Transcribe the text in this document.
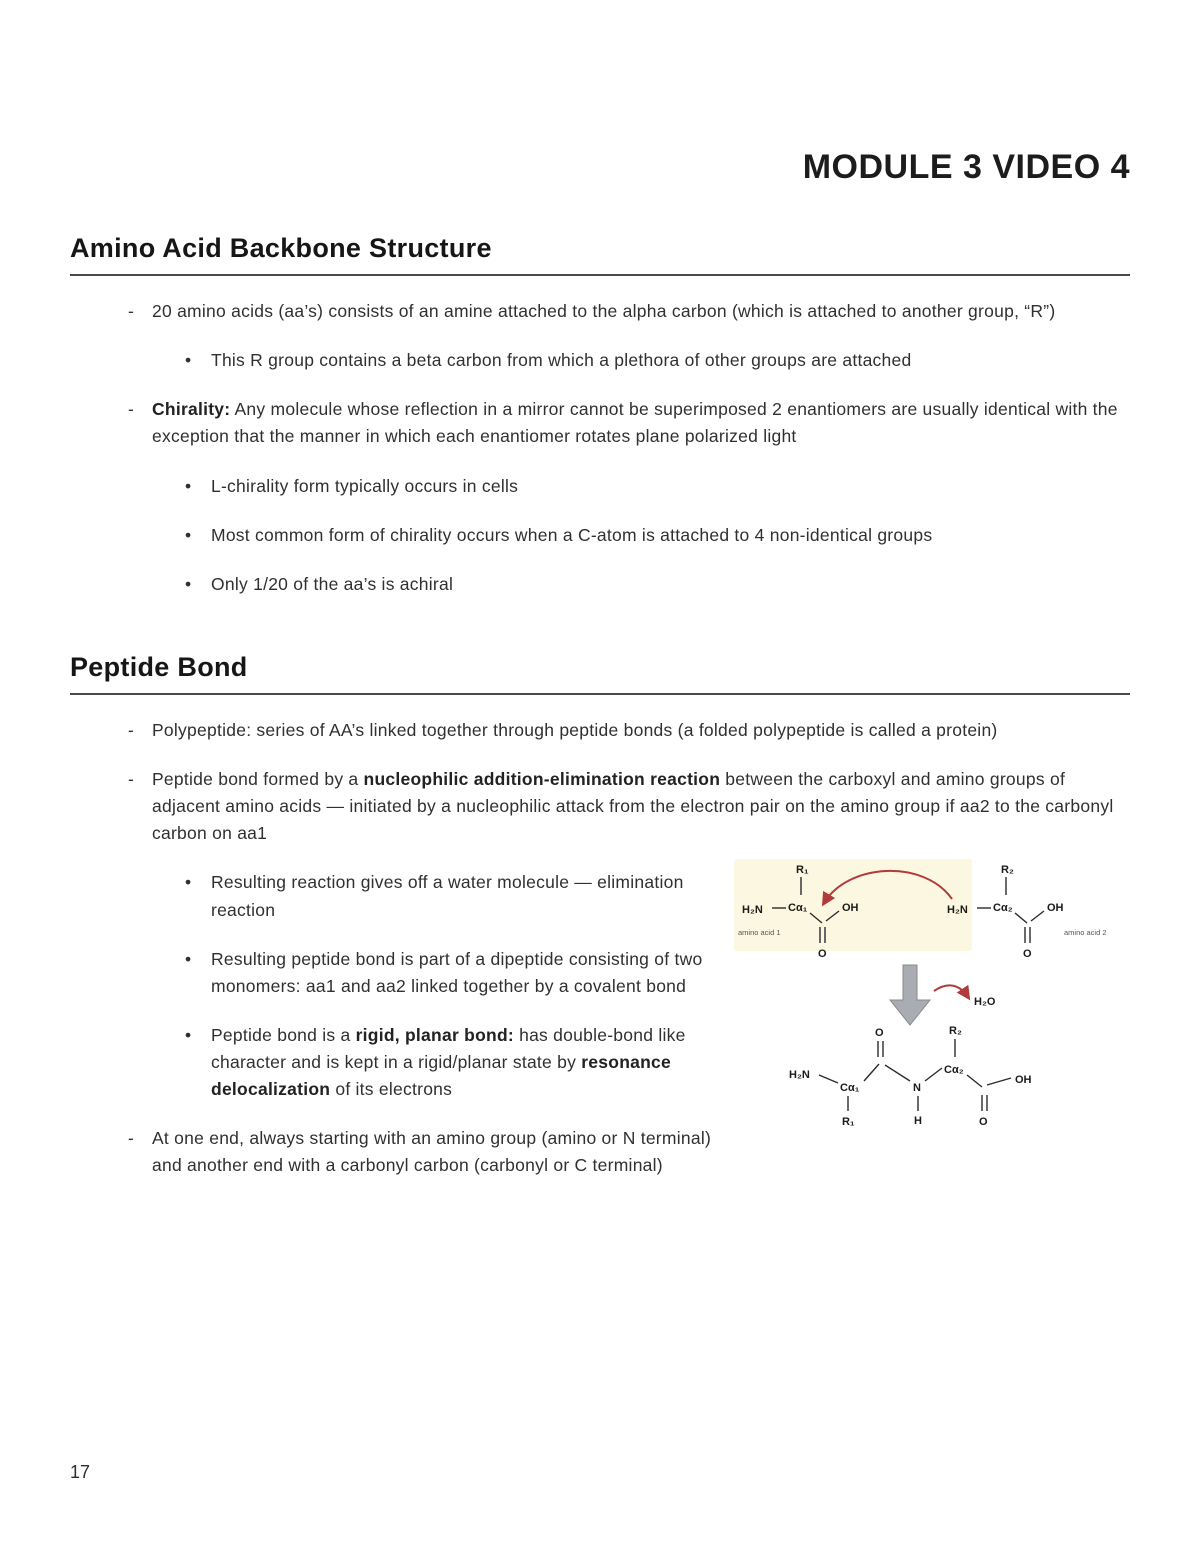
MODULE 3 VIDEO 4
Amino Acid Backbone Structure
-	20 amino acids (aa’s) consists of an amine attached to the alpha carbon (which is attached to another group, “R”)
•	This R group contains a beta carbon from which a plethora of other groups are attached
-	Chirality: Any molecule whose reflection in a mirror cannot be superimposed 2 enantiomers are usually identical with the exception that the manner in which each enantiomer rotates plane polarized light
•	L-chirality form typically occurs in cells
•	Most common form of chirality occurs when a C-atom is attached to 4 non-identical groups
•	Only 1/20 of the aa’s is achiral
Peptide Bond
-	Polypeptide: series of AA’s linked together through peptide bonds (a folded polypeptide is called a protein)
-	Peptide bond formed by a nucleophilic addition-elimination reaction between the carboxyl and amino groups of adjacent amino acids — initiated by a nucleophilic attack from the electron pair on the amino group if aa2 to the carbonyl carbon on aa1
•	Resulting reaction gives off a water molecule — elimination reaction
•	Resulting peptide bond is part of a dipeptide consisting of two monomers: aa1 and aa2 linked together by a covalent bond
•	Peptide bond is a rigid, planar bond: has double-bond like character and is kept in a rigid/planar state by resonance delocalization of its electrons
-	At one end, always starting with an amino group (amino or N terminal) and another end with a carbonyl carbon (carbonyl or C terminal)
R₁
H₂N Cα₁
O
OH
amino acid 1
R₂
H₂N Cα₂
O
OH
amino acid 2
H₂O
H₂N
Cα₁
R₁
O
N
H
Cα₂
R₂
OH
O
17
